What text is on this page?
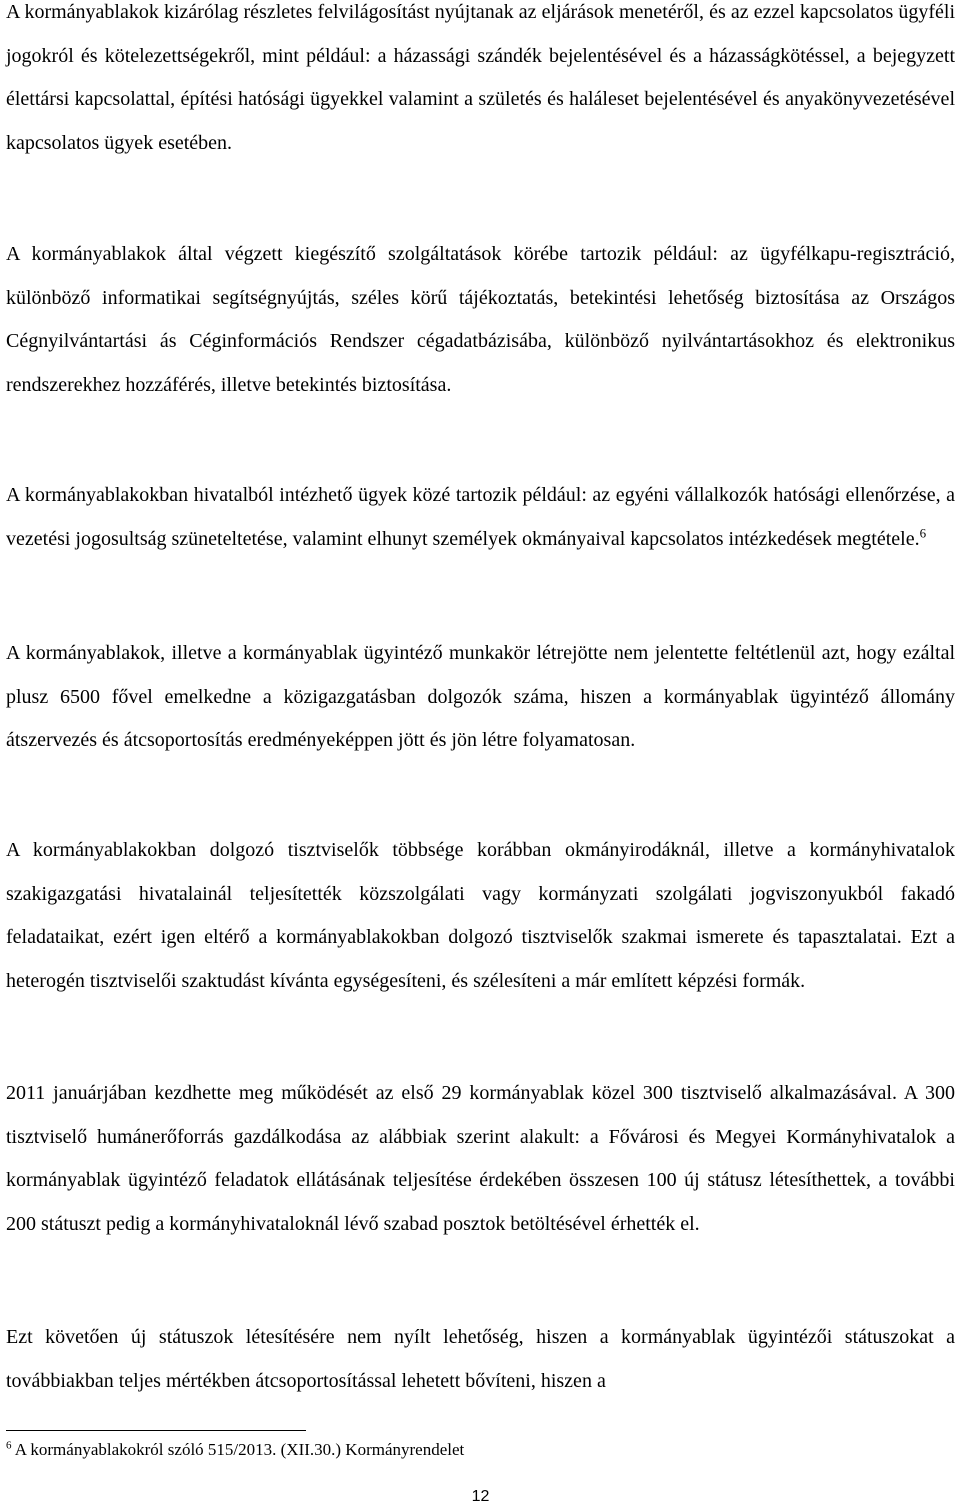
A kormányablakok kizárólag részletes felvilágosítást nyújtanak az eljárások menetéről, és az ezzel kapcsolatos ügyféli jogokról és kötelezettségekről, mint például: a házassági szándék bejelentésével és a házasságkötéssel, a bejegyzett élettársi kapcsolattal, építési hatósági ügyekkel valamint a születés és haláleset bejelentésével és anyakönyvezetésével kapcsolatos ügyek esetében.

A kormányablakok által végzett kiegészítő szolgáltatások körébe tartozik például: az ügyfélkapu-regisztráció, különböző informatikai segítségnyújtás, széles körű tájékoztatás, betekintési lehetőség biztosítása az Országos Cégnyilvántartási ás Céginformációs Rendszer cégadatbázisába, különböző nyilvántartásokhoz és elektronikus rendszerekhez hozzáférés, illetve betekintés biztosítása.

A kormányablakokban hivatalból intézhető ügyek közé tartozik például: az egyéni vállalkozók hatósági ellenőrzése, a vezetési jogosultság szüneteltetése, valamint elhunyt személyek okmányaival kapcsolatos intézkedések megtétele.$^6$

A kormányablakok, illetve a kormányablak ügyintéző munkakör létrejötte nem jelentette feltétlenül azt, hogy ezáltal plusz 6500 fővel emelkedne a közigazgatásban dolgozók száma, hiszen a kormányablak ügyintéző állomány átszervezés és átcsoportosítás eredményeképpen jött és jön létre folyamatosan.

A kormányablakokban dolgozó tisztviselők többsége korábban okmányirodáknál, illetve a kormányhivatalok szakigazgatási hivatalainál teljesítették közszolgálati vagy kormányzati szolgálati jogviszonyukból fakadó feladataikat, ezért igen eltérő a kormányablakokban dolgozó tisztviselők szakmai ismerete és tapasztalatai. Ezt a heterogén tisztviselői szaktudást kívánta egységesíteni, és szélesíteni a már említett képzési formák.

2011 januárjában kezdhette meg működését az első 29 kormányablak közel 300 tisztviselő alkalmazásával. A 300 tisztviselő humánerőforrás gazdálkodása az alábbiak szerint alakult: a Fővárosi és Megyei Kormányhivatalok a kormányablak ügyintéző feladatok ellátásának teljesítése érdekében összesen 100 új státusz létesíthettek, a további 200 státuszt pedig a kormányhivataloknál lévő szabad posztok betöltésével érhették el.

Ezt követően új státuszok létesítésére nem nyílt lehetőség, hiszen a kormányablak ügyintézői státuszokat a továbbiakban teljes mértékben átcsoportosítással lehetett bővíteni, hiszen a

$^6$ A kormányablakokról szóló 515/2013. (XII.30.) Kormányrendelet
12
